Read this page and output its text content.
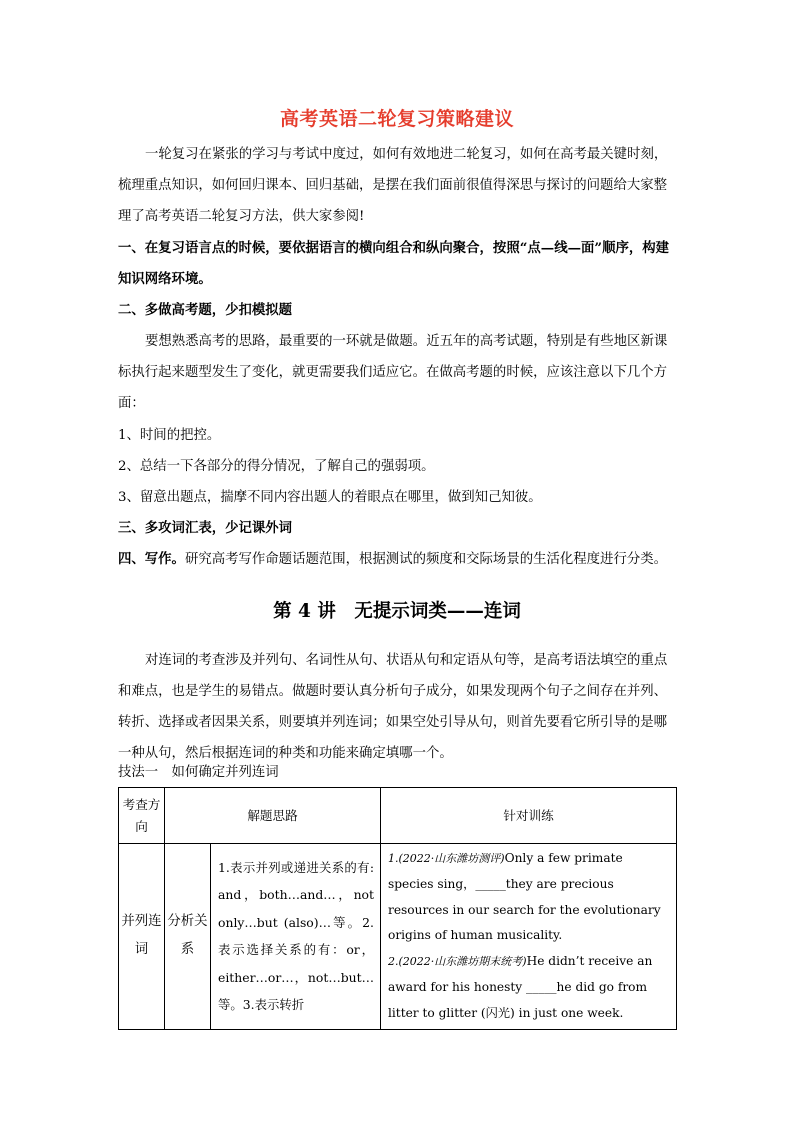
高考英语二轮复习策略建议
一轮复习在紧张的学习与考试中度过，如何有效地进二轮复习，如何在高考最关键时刻，梳理重点知识，如何回归课本、回归基础，是摆在我们面前很值得深思与探讨的问题给大家整理了高考英语二轮复习方法，供大家参阅!
一、在复习语言点的时候，要依据语言的横向组合和纵向聚合，按照“点—线—面”顺序，构建知识网络环境。
二、多做高考题，少扣模拟题
要想熟悉高考的思路，最重要的一环就是做题。近五年的高考试题，特别是有些地区新课标执行起来题型发生了变化，就更需要我们适应它。在做高考题的时候，应该注意以下几个方面：
1、时间的把控。
2、总结一下各部分的得分情况，了解自己的强弱项。
3、留意出题点，揣摩不同内容出题人的着眼点在哪里，做到知己知彼。
三、多攻词汇表，少记课外词
四、写作。研究高考写作命题话题范围，根据测试的频度和交际场景的生活化程度进行分类。
第 4 讲　无提示词类——连词
对连词的考查涉及并列句、名词性从句、状语从句和定语从句等，是高考语法填空的重点和难点，也是学生的易错点。做题时要认真分析句子成分，如果发现两个句子之间存在并列、转折、选择或者因果关系，则要填并列连词；如果空处引导从句，则首先要看它所引导的是哪一种从句，然后根据连词的种类和功能来确定填哪一个。
技法一　如何确定并列连词
考查方向	解题思路		针对训练
并列连词	分析关系	1.表示并列或递进关系的有: and，both…and…，not only…but (also)…等。2.表示选择关系的有：or，either…or…，not…but…等。3.表示转折	1.(2022·山东潍坊测评)Only a few primate species sing，_____they are precious resources in our search for the evolutionary origins of human musicality.
2.(2022·山东潍坊期末统考)He didn’t receive an award for his honesty _____he did go from litter to glitter (闪光) in just one week.
